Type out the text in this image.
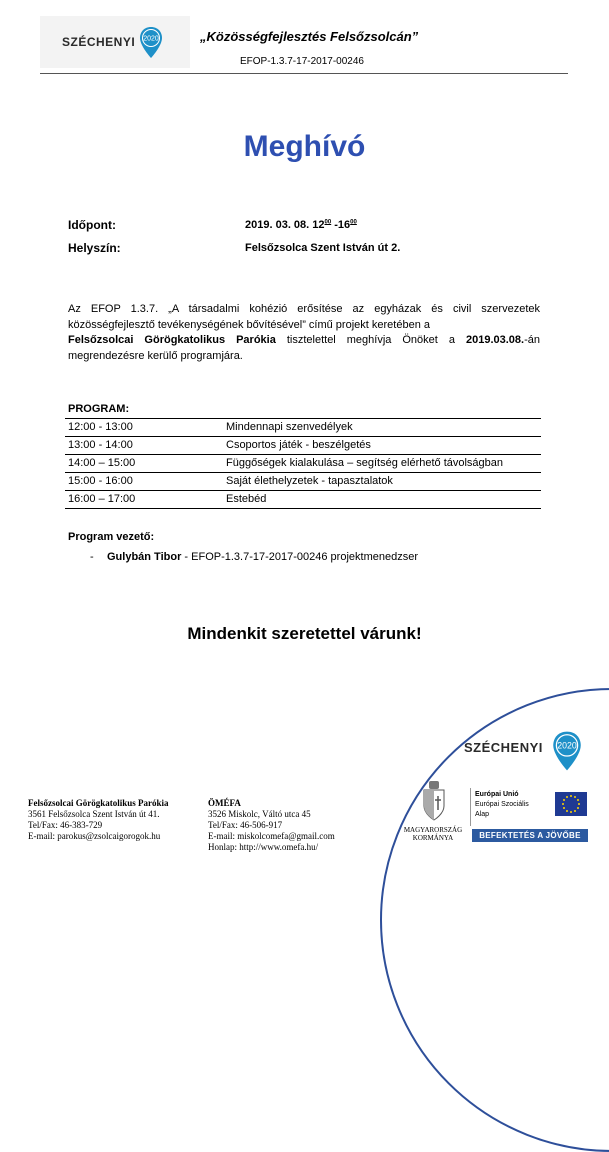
SZÉCHENYI 2020	„Közösségfejlesztés Felsőzsolcán”
EFOP-1.3.7-17-2017-00246
Meghívó
Időpont:	2019. 03. 08. $12^{00}$ $-16^{00}$
Helyszín:	Felsőzsolca Szent István út 2.
Az EFOP 1.3.7. „A társadalmi kohézió erősítése az egyházak és civil szervezetek
közösségfejlesztő tevékenységének bővítésével” című projekt keretében a
Felsőzsolcai Görögkatolikus Parókia tisztelettel meghívja Önöket a 2019.03.08.-án
megrendezésre kerülő programjára.
PROGRAM:
12:00 - 13:00	Mindennapi szenvedélyek
13:00 - 14:00	Csoportos játék - beszélgetés
14:00 – 15:00	Függőségek kialakulása – segítség elérhető távolságban
15:00 - 16:00	Saját élethelyzetek - tapasztalatok
16:00 – 17:00	Estebéd
Program vezető:
- Gulybán Tibor - EFOP-1.3.7-17-2017-00246 projektmenedzser
Mindenkit szeretettel várunk!
SZÉCHENYI 2020
Felsőzsolcai Görögkatolikus Parókia
3561 Felsőzsolca Szent István út 41.
Tel/Fax: 46-383-729
E-mail: parokus@zsolcaigorogok.hu
ÖMÉFA
3526 Miskolc, Váltó utca 45
Tel/Fax: 46-506-917
E-mail: miskolcomefa@gmail.com
Honlap: http://www.omefa.hu/
MAGYARORSZÁG
KORMÁNYA
Európai Unió
Európai Szociális
Alap
BEFEKTETÉS A JÖVŐBE
